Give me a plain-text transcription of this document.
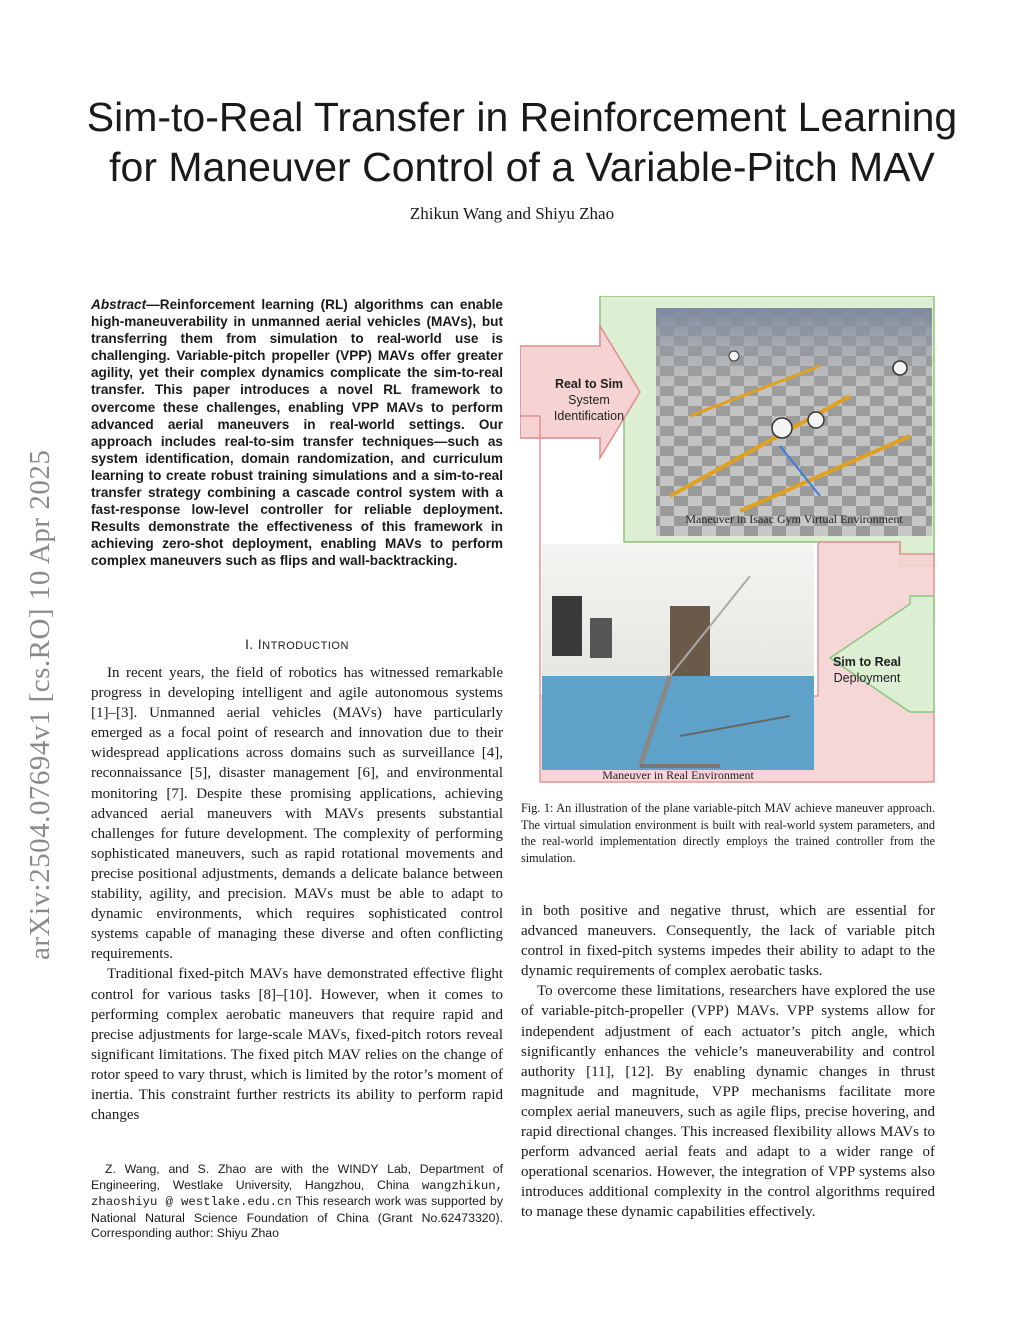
Sim-to-Real Transfer in Reinforcement Learning
for Maneuver Control of a Variable-Pitch MAV
Zhikun Wang and Shiyu Zhao
arXiv:2504.07694v1 [cs.RO] 10 Apr 2025

Abstract—Reinforcement learning (RL) algorithms can enable high-maneuverability in unmanned aerial vehicles (MAVs), but transferring them from simulation to real-world use is challenging. Variable-pitch propeller (VPP) MAVs offer greater agility, yet their complex dynamics complicate the sim-to-real transfer. This paper introduces a novel RL framework to overcome these challenges, enabling VPP MAVs to perform advanced aerial maneuvers in real-world settings. Our approach includes real-to-sim transfer techniques—such as system identification, domain randomization, and curriculum learning to create robust training simulations and a sim-to-real transfer strategy combining a cascade control system with a fast-response low-level controller for reliable deployment. Results demonstrate the effectiveness of this framework in achieving zero-shot deployment, enabling MAVs to perform complex maneuvers such as flips and wall-backtracking.

I. INTRODUCTION

In recent years, the field of robotics has witnessed remarkable progress in developing intelligent and agile autonomous systems [1]–[3]. Unmanned aerial vehicles (MAVs) have particularly emerged as a focal point of research and innovation due to their widespread applications across domains such as surveillance [4], reconnaissance [5], disaster management [6], and environmental monitoring [7]. Despite these promising applications, achieving advanced aerial maneuvers with MAVs presents substantial challenges for future development. The complexity of performing sophisticated maneuvers, such as rapid rotational movements and precise positional adjustments, demands a delicate balance between stability, agility, and precision. MAVs must be able to adapt to dynamic environments, which requires sophisticated control systems capable of managing these diverse and often conflicting requirements.

Traditional fixed-pitch MAVs have demonstrated effective flight control for various tasks [8]–[10]. However, when it comes to performing complex aerobatic maneuvers that require rapid and precise adjustments for large-scale MAVs, fixed-pitch rotors reveal significant limitations. The fixed pitch MAV relies on the change of rotor speed to vary thrust, which is limited by the rotor’s moment of inertia. This constraint further restricts its ability to perform rapid changes

Z. Wang, and S. Zhao are with the WINDY Lab, Department of Engineering, Westlake University, Hangzhou, China wangzhikun, zhaoshiyu @ westlake.edu.cn This research work was supported by National Natural Science Foundation of China (Grant No.62473320). Corresponding author: Shiyu Zhao

Real to Sim
System
Identification
Sim to Real
Deployment
Maneuver in Isaac Gym Virtual Environment
Maneuver in Real Environment

Fig. 1: An illustration of the plane variable-pitch MAV achieve maneuver approach. The virtual simulation environment is built with real-world system parameters, and the real-world implementation directly employs the trained controller from the simulation.

in both positive and negative thrust, which are essential for advanced maneuvers. Consequently, the lack of variable pitch control in fixed-pitch systems impedes their ability to adapt to the dynamic requirements of complex aerobatic tasks.

To overcome these limitations, researchers have explored the use of variable-pitch-propeller (VPP) MAVs. VPP systems allow for independent adjustment of each actuator’s pitch angle, which significantly enhances the vehicle’s maneuverability and control authority [11], [12]. By enabling dynamic changes in thrust magnitude and magnitude, VPP mechanisms facilitate more complex aerial maneuvers, such as agile flips, precise hovering, and rapid directional changes. This increased flexibility allows MAVs to perform advanced aerial feats and adapt to a wider range of operational scenarios. However, the integration of VPP systems also introduces additional complexity in the control algorithms required to manage these dynamic capabilities effectively.
